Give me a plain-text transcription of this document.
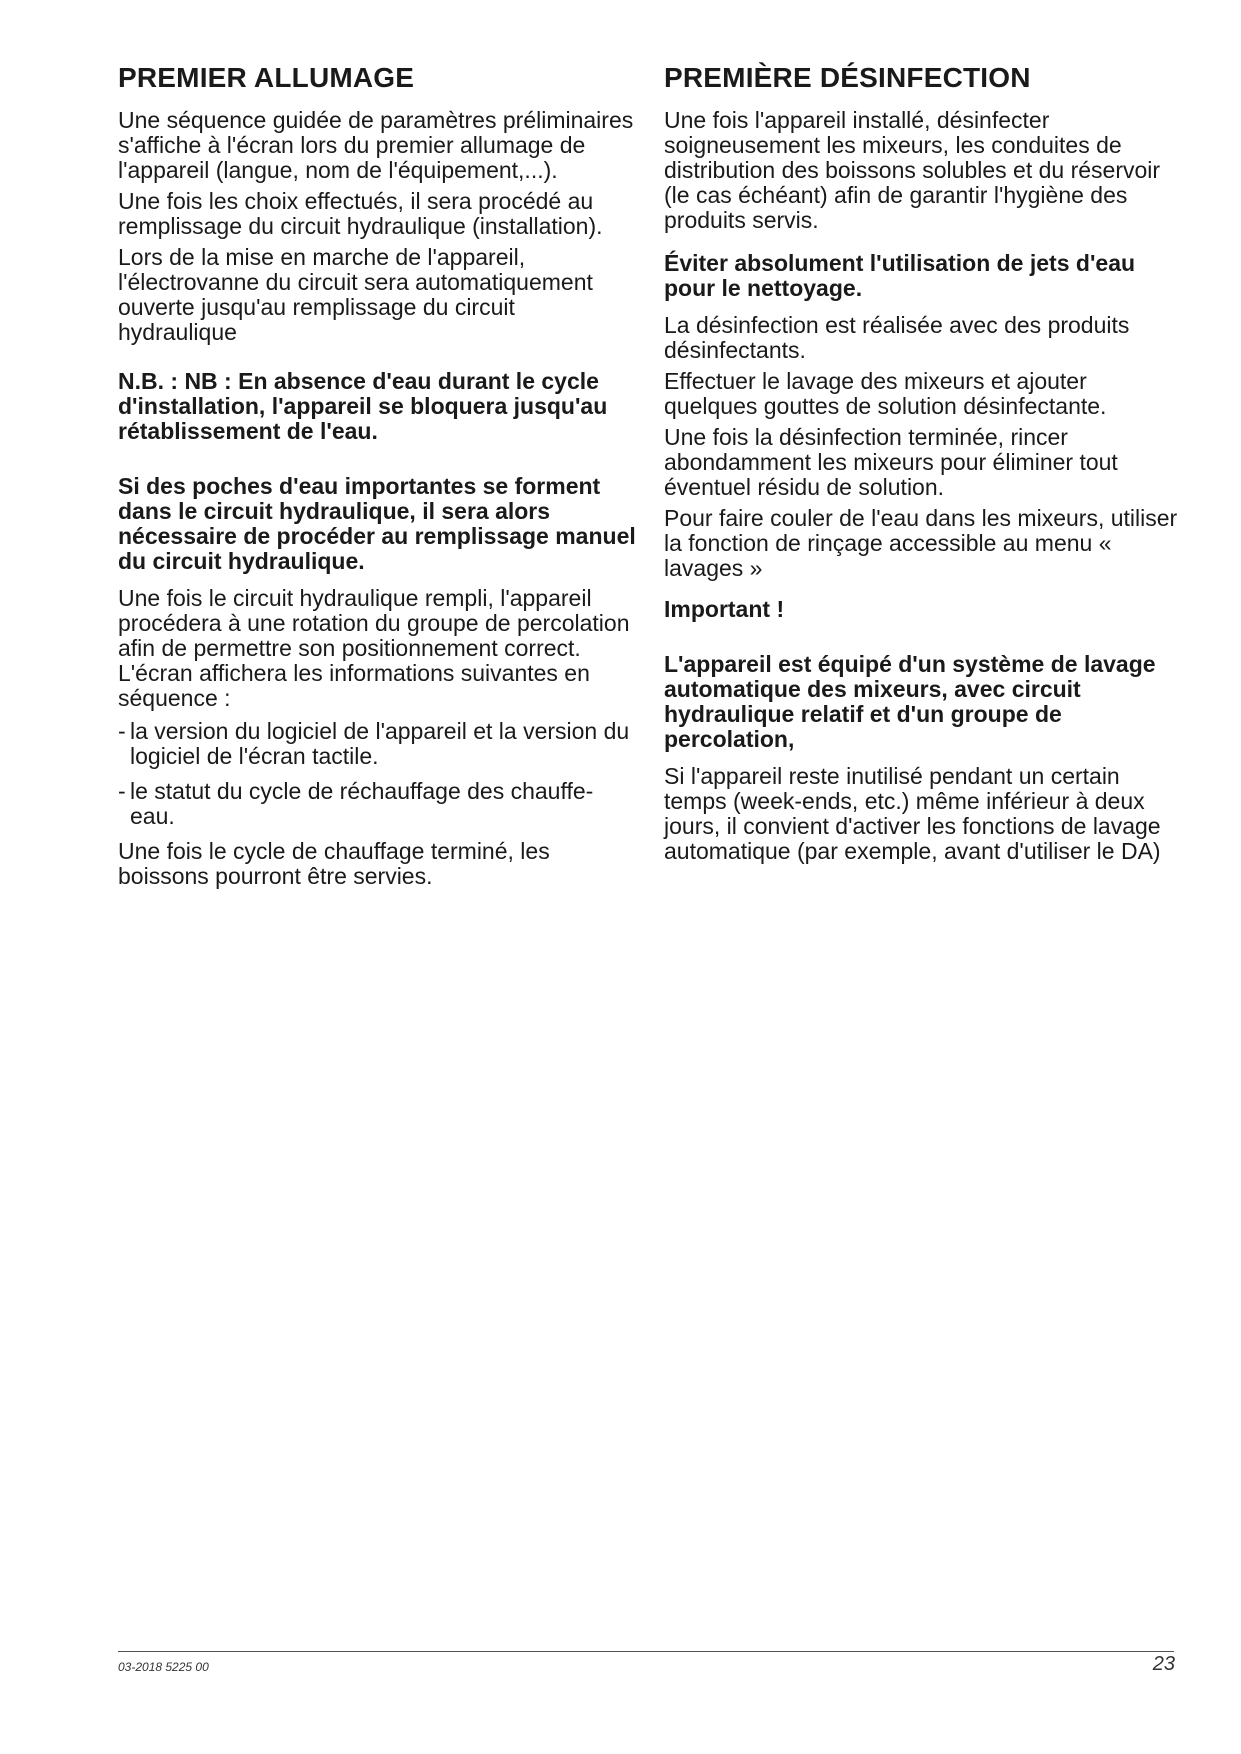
PREMIER ALLUMAGE

Une séquence guidée de paramètres préliminaires s'affiche à l'écran lors du premier allumage de l'appareil (langue, nom de l'équipement,...).

Une fois les choix effectués, il sera procédé au remplissage du circuit hydraulique (installation).

Lors de la mise en marche de l'appareil, l'électrovanne du circuit sera automatiquement ouverte jusqu'au remplissage du circuit hydraulique

N.B. : NB : En absence d'eau durant le cycle d'installation, l'appareil se bloquera jusqu'au rétablissement de l'eau.

Si des poches d'eau importantes se forment dans le circuit hydraulique, il sera alors nécessaire de procéder au remplissage manuel du circuit hydraulique.

Une fois le circuit hydraulique rempli, l'appareil procédera à une rotation du groupe de percolation afin de permettre son positionnement correct. L'écran affichera les informations suivantes en séquence :

- la version du logiciel de l'appareil et la version du logiciel de l'écran tactile.
- le statut du cycle de réchauffage des chauffe-eau.

Une fois le cycle de chauffage terminé, les boissons pourront être servies.

PREMIÈRE DÉSINFECTION

Une fois l'appareil installé, désinfecter soigneusement les mixeurs, les conduites de distribution des boissons solubles et du réservoir (le cas échéant) afin de garantir l'hygiène des produits servis.

Éviter absolument l'utilisation de jets d'eau pour le nettoyage.

La désinfection est réalisée avec des produits désinfectants.

Effectuer le lavage des mixeurs et ajouter quelques gouttes de solution désinfectante.

Une fois la désinfection terminée, rincer abondamment les mixeurs pour éliminer tout éventuel résidu de solution.

Pour faire couler de l'eau dans les mixeurs, utiliser la fonction de rinçage accessible au menu « lavages »

Important !

L'appareil est équipé d'un système de lavage automatique des mixeurs, avec circuit hydraulique relatif et d'un groupe de percolation,

Si l'appareil reste inutilisé pendant un certain temps (week-ends, etc.) même inférieur à deux jours, il convient d'activer les fonctions de lavage automatique (par exemple, avant d'utiliser le DA)

03-2018 5225 00	23
